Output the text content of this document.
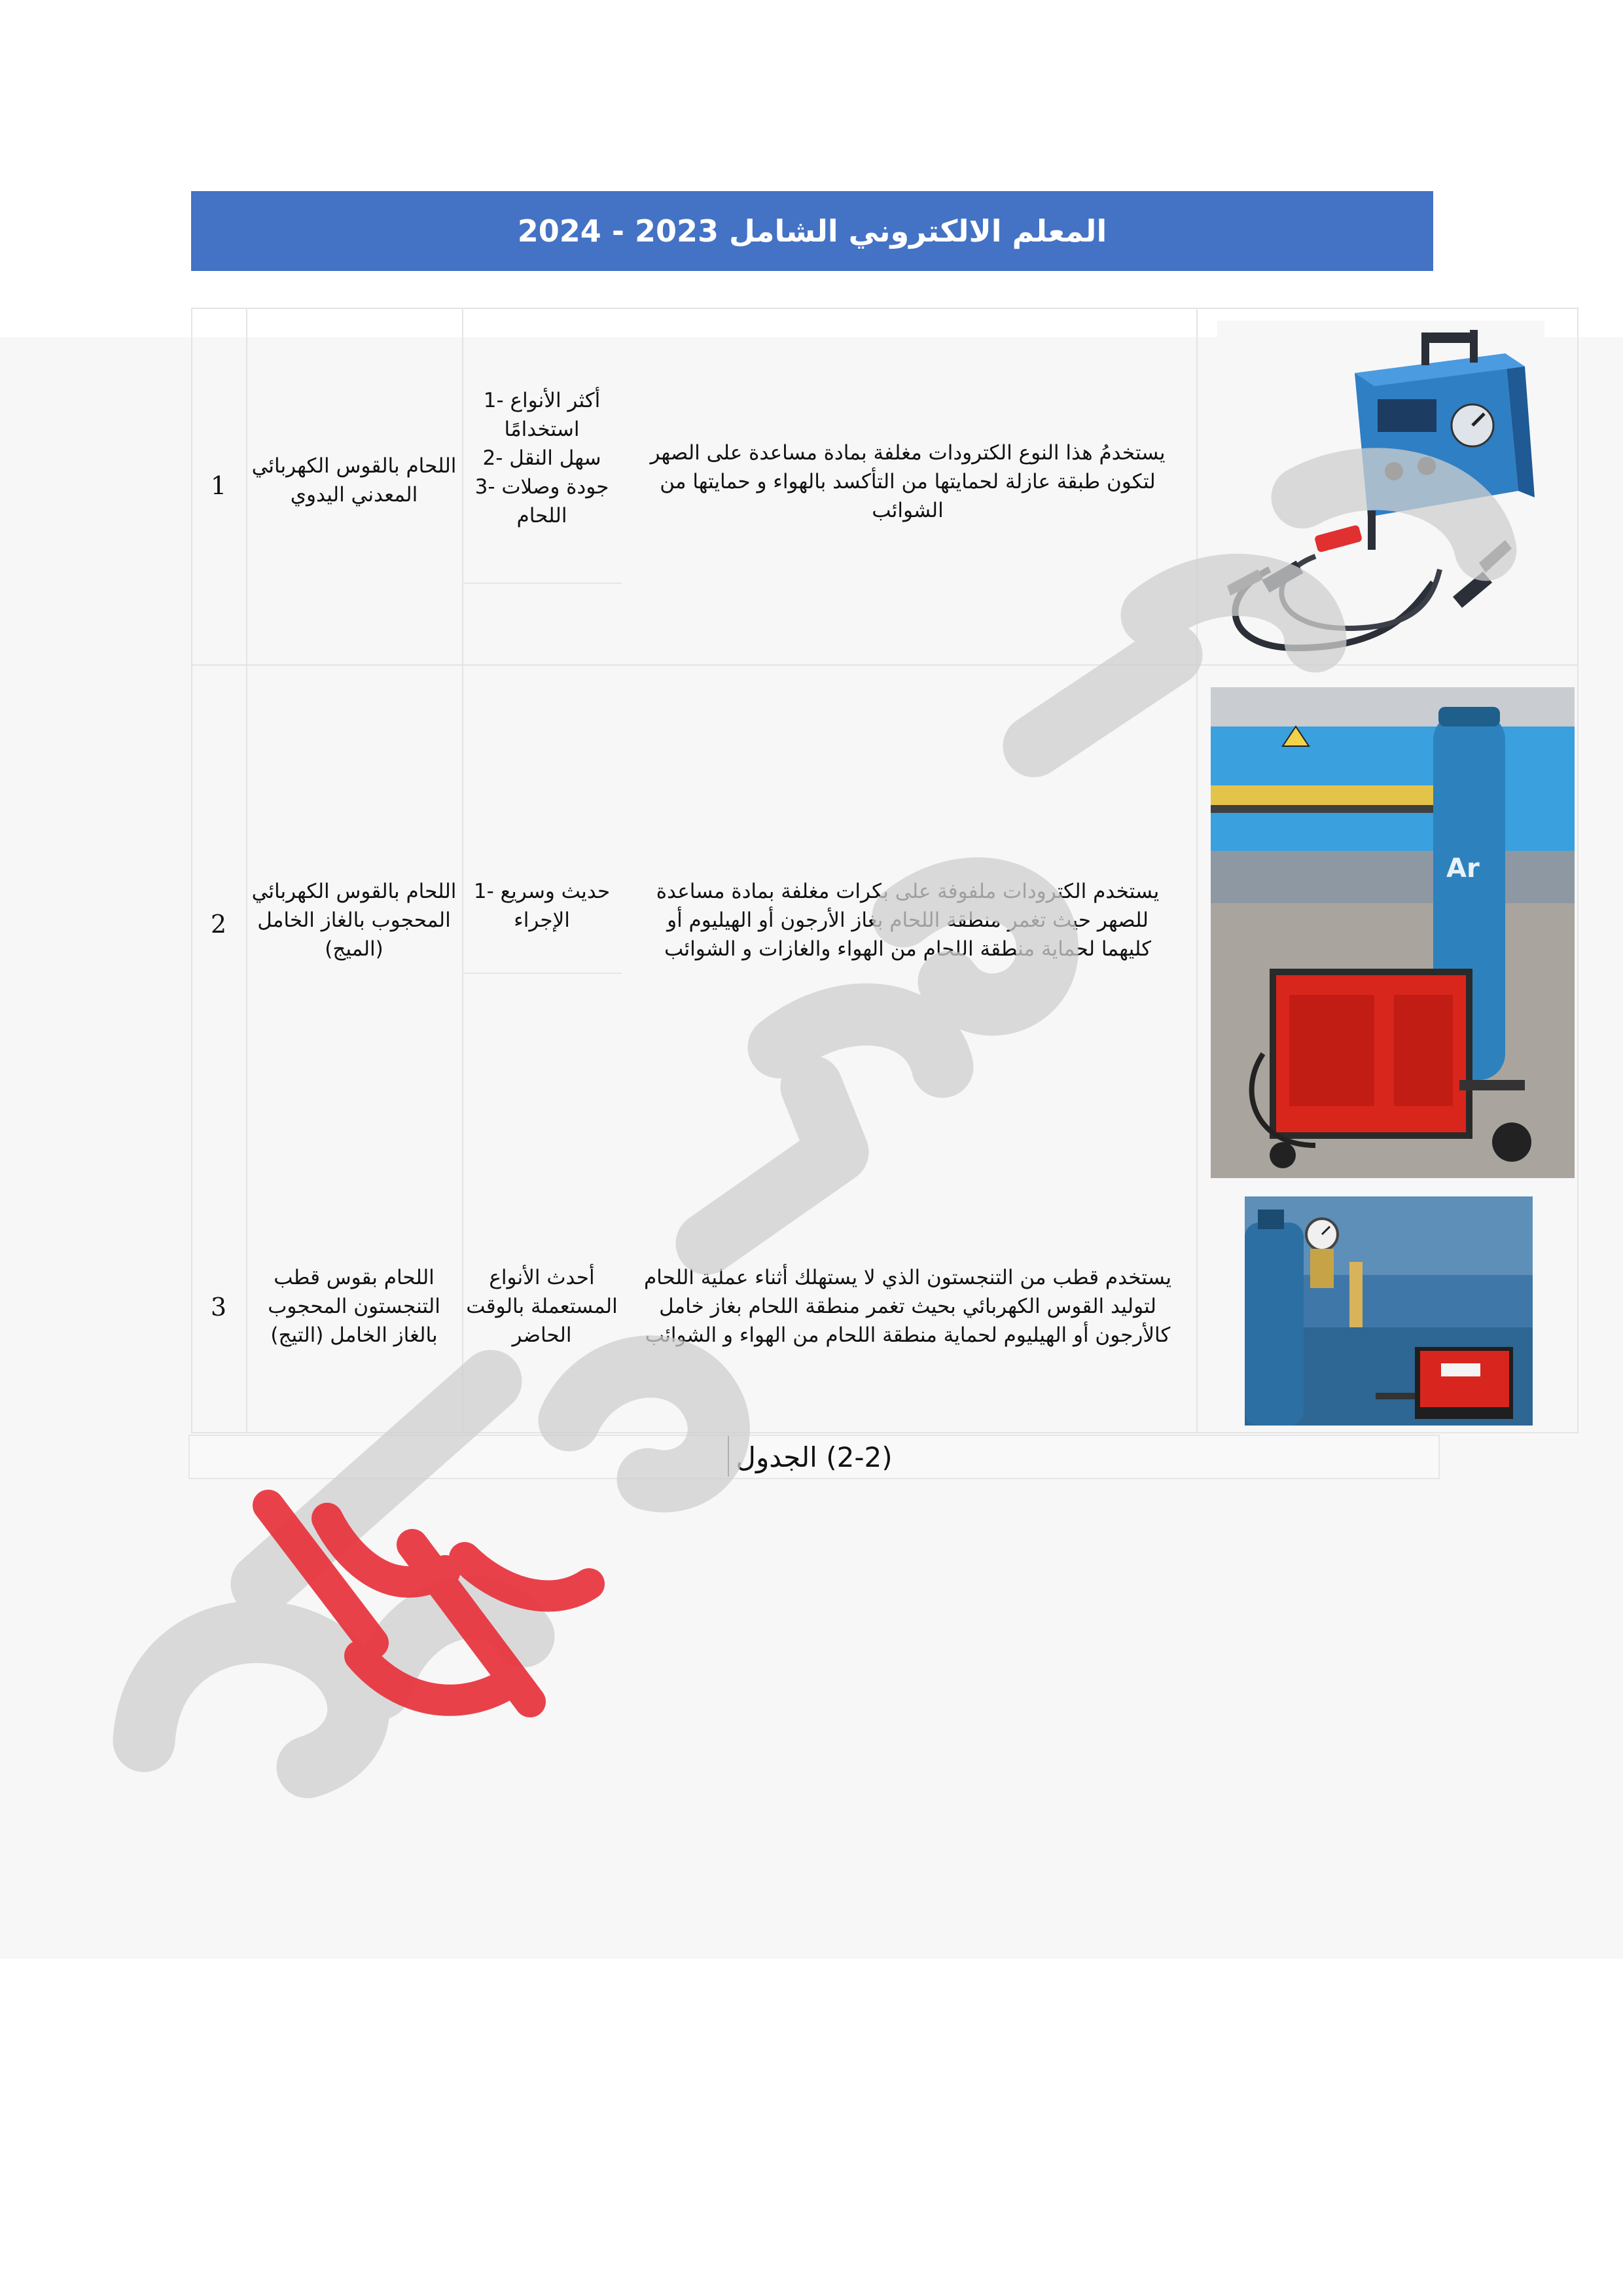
المعلم الالكتروني الشامل 2023 - 2024
1
اللحام بالقوس الكهربائي
المعدني اليدوي
أكثر الأنواع -1
استخدامًا
سهل النقل -2
جودة وصلات -3
اللحام
يستخدمُ هذا النوع الكترودات مغلفة بمادة مساعدة على الصهر
لتكون طبقة عازلة لحمايتها من التأكسد بالهواء و حمايتها من
الشوائب
2
اللحام بالقوس الكهربائي
المحجوب بالغاز الخامل
(الميج)
حديث وسريع -1
الإجراء
يستخدم الكترودات ملفوفة على بكرات مغلفة بمادة مساعدة
للصهر حيث تغمر منطقة اللحام بغاز الأرجون أو الهيليوم أو
كليهما لحماية منطقة اللحام من الهواء والغازات و الشوائب
3
اللحام بقوس قطب
التنجستون المحجوب
بالغاز الخامل (التيج)
أحدث الأنواع
المستعملة بالوقت
الحاضر
يستخدم قطب من التنجستون الذي لا يستهلك أثناء عملية اللحام
لتوليد القوس الكهربائي بحيث تغمر منطقة اللحام بغاز خامل
كالأرجون أو الهيليوم لحماية منطقة اللحام من الهواء و الشوائب
Ar
(2-2) الجدول
